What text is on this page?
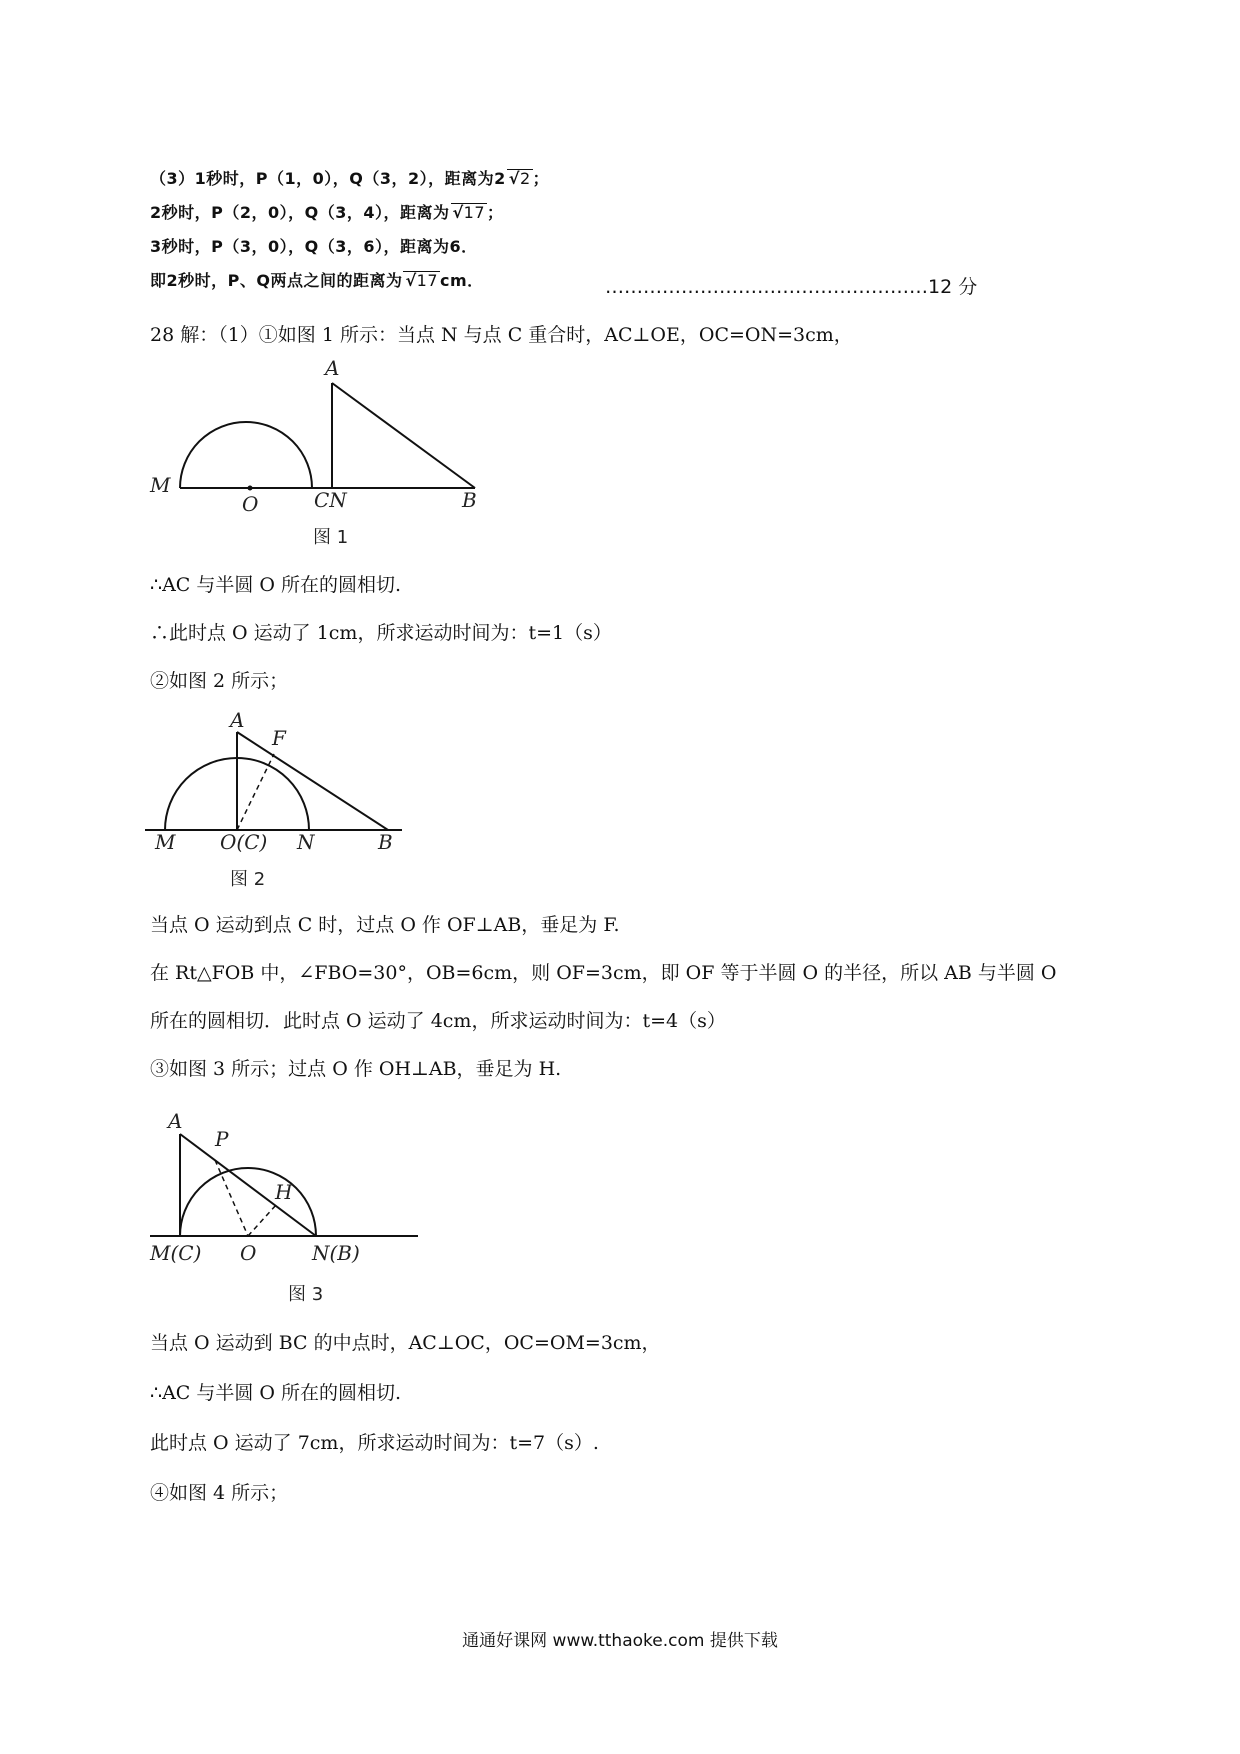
（3）1秒时，P（1，0），Q（3，2），距离为2 √2 ；
2秒时，P（2，0），Q（3，4），距离为 √17 ；
3秒时，P（3，0），Q（3，6），距离为6．
即2秒时，P、Q两点之间的距离为 √17 cm．	……………………………………………12 分
28 解：（1）①如图 1 所示：当点 N 与点 C 重合时，AC⊥OE，OC=ON=3cm，
A
M
O	CN	B
图 1
∴AC 与半圆 O 所在的圆相切.
∴此时点 O 运动了 1cm，所求运动时间为：t=1（s）
②如图 2 所示；
A
F
M O(C) N	B
图 2
当点 O 运动到点 C 时，过点 O 作 OF⊥AB，垂足为 F.
在 Rt△FOB 中，∠FBO=30°，OB=6cm，则 OF=3cm，即 OF 等于半圆 O 的半径，所以 AB 与半圆 O
所在的圆相切．此时点 O 运动了 4cm，所求运动时间为：t=4（s）
③如图 3 所示；过点 O 作 OH⊥AB，垂足为 H.
A
P
H
M(C) O	N(B)
图 3
当点 O 运动到 BC 的中点时，AC⊥OC，OC=OM=3cm，
∴AC 与半圆 O 所在的圆相切.
此时点 O 运动了 7cm，所求运动时间为：t=7（s）.
④如图 4 所示；
通通好课网 www.tthaoke.com 提供下载
